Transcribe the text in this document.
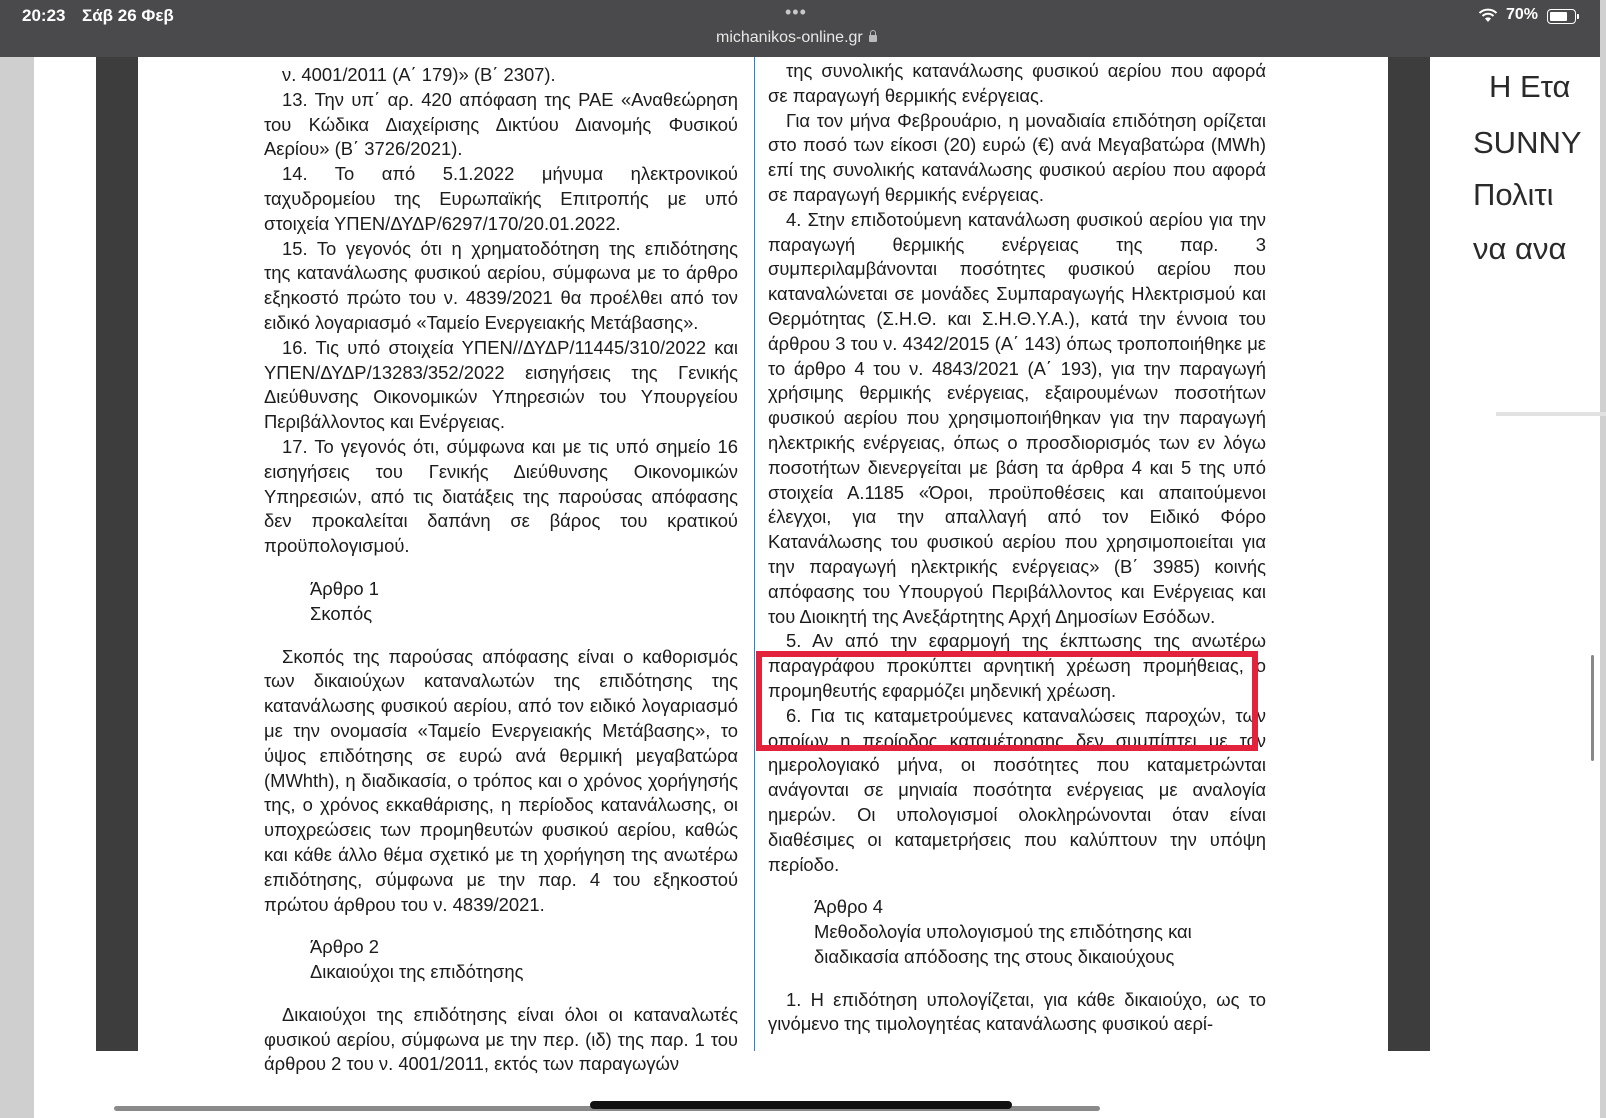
20:23 Σάβ 26 Φεβ	•••
michanikos-online.gr
70%

ν. 4001/2011 (Α΄ 179)» (Β΄ 2307).

13. Την υπ΄ αρ. 420 απόφαση της ΡΑΕ «Αναθεώρηση του Κώδικα Διαχείρισης Δικτύου Διανομής Φυσικού Αερίου» (Β΄ 3726/2021).

14. Το από 5.1.2022 μήνυμα ηλεκτρονικού ταχυδρομείου της Ευρωπαϊκής Επιτροπής με υπό στοιχεία ΥΠΕΝ/ΔΥΔΡ/6297/170/20.01.2022.

15. Το γεγονός ότι η χρηματοδότηση της επιδότησης της κατανάλωσης φυσικού αερίου, σύμφωνα με το άρθρο εξηκοστό πρώτο του ν. 4839/2021 θα προέλθει από τον ειδικό λογαριασμό «Ταμείο Ενεργειακής Μετάβασης».

16. Τις υπό στοιχεία ΥΠΕΝ//ΔΥΔΡ/11445/310/2022 και ΥΠΕΝ/ΔΥΔΡ/13283/352/2022 εισηγήσεις της Γενικής Διεύθυνσης Οικονομικών Υπηρεσιών του Υπουργείου Περιβάλλοντος και Ενέργειας.

17. Το γεγονός ότι, σύμφωνα και με τις υπό σημείο 16 εισηγήσεις του Γενικής Διεύθυνσης Οικονομικών Υπηρεσιών, από τις διατάξεις της παρούσας απόφασης δεν προκαλείται δαπάνη σε βάρος του κρατικού προϋπολογισμού.

Άρθρο 1

Σκοπός

Σκοπός της παρούσας απόφασης είναι ο καθορισμός των δικαιούχων καταναλωτών της επιδότησης της κατανάλωσης φυσικού αερίου, από τον ειδικό λογαριασμό με την ονομασία «Ταμείο Ενεργειακής Μετάβασης», το ύψος επιδότησης σε ευρώ ανά θερμική μεγαβατώρα (MWhth), η διαδικασία, ο τρόπος και ο χρόνος χορήγησής της, ο χρόνος εκκαθάρισης, η περίοδος κατανάλωσης, οι υποχρεώσεις των προμηθευτών φυσικού αερίου, καθώς και κάθε άλλο θέμα σχετικό με τη χορήγηση της ανωτέρω επιδότησης, σύμφωνα με την παρ. 4 του εξηκοστού πρώτου άρθρου του ν. 4839/2021.

Άρθρο 2

Δικαιούχοι της επιδότησης

Δικαιούχοι της επιδότησης είναι όλοι οι καταναλωτές φυσικού αερίου, σύμφωνα με την περ. (ιδ) της παρ. 1 του άρθρου 2 του ν. 4001/2011, εκτός των παραγωγών

της συνολικής κατανάλωσης φυσικού αερίου που αφορά σε παραγωγή θερμικής ενέργειας.

Για τον μήνα Φεβρουάριο, η μοναδιαία επιδότηση ορίζεται στο ποσό των είκοσι (20) ευρώ (€) ανά Μεγαβατώρα (MWh) επί της συνολικής κατανάλωσης φυσικού αερίου που αφορά σε παραγωγή θερμικής ενέργειας.

4. Στην επιδοτούμενη κατανάλωση φυσικού αερίου για την παραγωγή θερμικής ενέργειας της παρ. 3 συμπεριλαμβάνονται ποσότητες φυσικού αερίου που καταναλώνεται σε μονάδες Συμπαραγωγής Ηλεκτρισμού και Θερμότητας (Σ.Η.Θ. και Σ.Η.Θ.Υ.Α.), κατά την έννοια του άρθρου 3 του ν. 4342/2015 (Α΄ 143) όπως τροποποιήθηκε με το άρθρο 4 του ν. 4843/2021 (Α΄ 193), για την παραγωγή χρήσιμης θερμικής ενέργειας, εξαιρουμένων ποσοτήτων φυσικού αερίου που χρησιμοποιήθηκαν για την παραγωγή ηλεκτρικής ενέργειας, όπως ο προσδιορισμός των εν λόγω ποσοτήτων διενεργείται με βάση τα άρθρα 4 και 5 της υπό στοιχεία Α.1185 «Όροι, προϋποθέσεις και απαιτούμενοι έλεγχοι, για την απαλλαγή από τον Ειδικό Φόρο Κατανάλωσης του φυσικού αερίου που χρησιμοποιείται για την παραγωγή ηλεκτρικής ενέργειας» (Β΄ 3985) κοινής απόφασης του Υπουργού Περιβάλλοντος και Ενέργειας και του Διοικητή της Ανεξάρτητης Αρχή Δημοσίων Εσόδων.

5. Αν από την εφαρμογή της έκπτωσης της ανωτέρω παραγράφου προκύπτει αρνητική χρέωση προμήθειας, ο προμηθευτής εφαρμόζει μηδενική χρέωση.

6. Για τις καταμετρούμενες καταναλώσεις παροχών, των οποίων η περίοδος καταμέτρησης δεν συμπίπτει με τον ημερολογιακό μήνα, οι ποσότητες που καταμετρώνται ανάγονται σε μηνιαία ποσότητα ενέργειας με αναλογία ημερών. Οι υπολογισμοί ολοκληρώνονται όταν είναι διαθέσιμες οι καταμετρήσεις που καλύπτουν την υπόψη περίοδο.

Άρθρο 4

Μεθοδολογία υπολογισμού της επιδότησης και διαδικασία απόδοσης της στους δικαιούχους

1. Η επιδότηση υπολογίζεται, για κάθε δικαιούχο, ως το γινόμενο της τιμολογητέας κατανάλωσης φυσικού αερί-

Η Ετα
SUNNY
Πολιτι
να ανα
